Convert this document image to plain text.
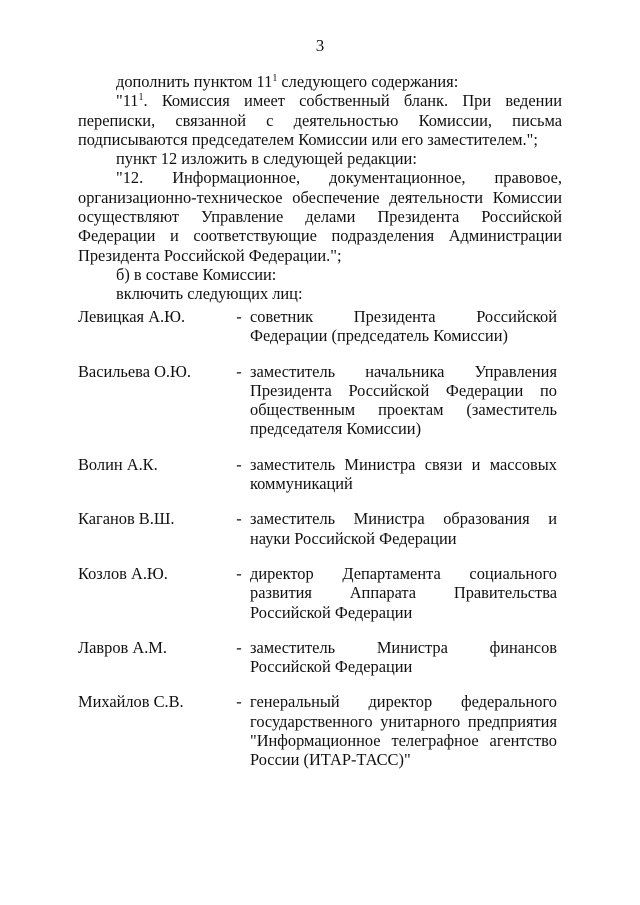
3

дополнить пунктом $11^1$ следующего содержания:

"$11^1$. Комиссия имеет собственный бланк. При ведении переписки, связанной с деятельностью Комиссии, письма подписываются председателем Комиссии или его заместителем.";

пункт 12 изложить в следующей редакции:

"12. Информационное, документационное, правовое, организационно-техническое обеспечение деятельности Комиссии осуществляют Управление делами Президента Российской Федерации и соответствующие подразделения Администрации Президента Российской Федерации.";

б) в составе Комиссии:

включить следующих лиц:

Левицкая А.Ю.	- советник Президента Российской Федерации (председатель Комиссии)
Васильева О.Ю.	- заместитель начальника Управления Президента Российской Федерации по общественным проектам (заместитель председателя Комиссии)
Волин А.К.	- заместитель Министра связи и массовых коммуникаций
Каганов В.Ш.	- заместитель Министра образования и науки Российской Федерации
Козлов А.Ю.	- директор Департамента социального развития Аппарата Правительства Российской Федерации
Лавров А.М.	- заместитель Министра финансов Российской Федерации
Михайлов С.В.	- генеральный директор федерального государственного унитарного предприятия "Информационное телеграфное агентство России (ИТАР-ТАСС)"
